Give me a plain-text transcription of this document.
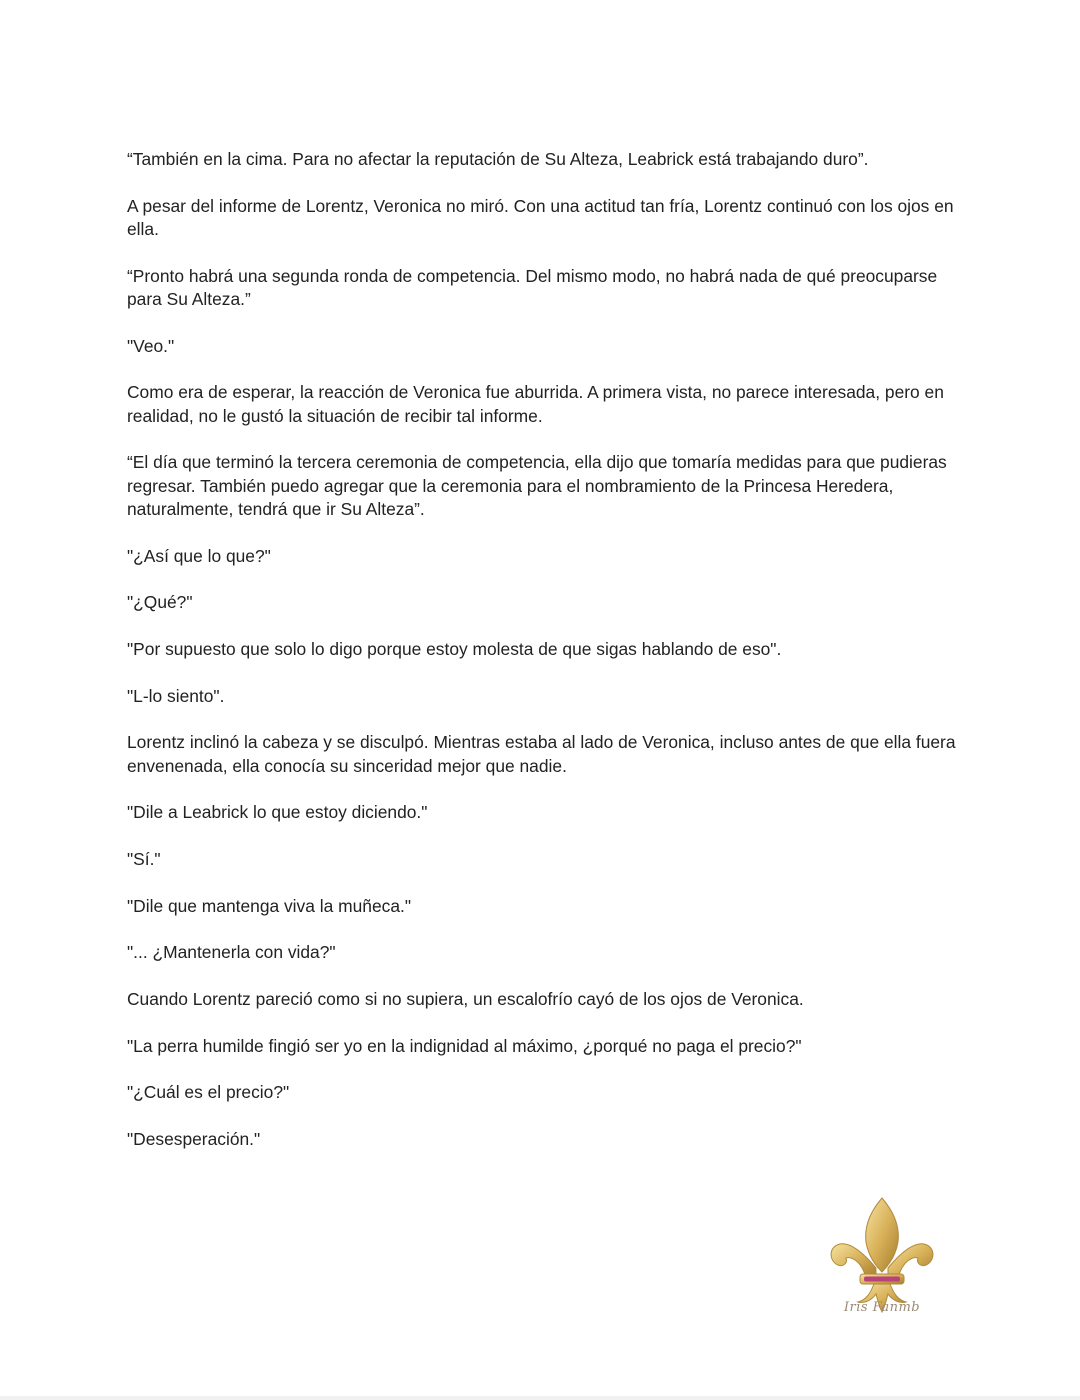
“También en la cima. Para no afectar la reputación de Su Alteza, Leabrick está trabajando duro”.

A pesar del informe de Lorentz, Veronica no miró. Con una actitud tan fría, Lorentz continuó con los ojos en ella.

“Pronto habrá una segunda ronda de competencia. Del mismo modo, no habrá nada de qué preocuparse para Su Alteza.”

"Veo."

Como era de esperar, la reacción de Veronica fue aburrida. A primera vista, no parece interesada, pero en realidad, no le gustó la situación de recibir tal informe.

“El día que terminó la tercera ceremonia de competencia, ella dijo que tomaría medidas para que pudieras regresar. También puedo agregar que la ceremonia para el nombramiento de la Princesa Heredera, naturalmente, tendrá que ir Su Alteza”.

"¿Así que lo que?"

"¿Qué?"

"Por supuesto que solo lo digo porque estoy molesta de que sigas hablando de eso".

"L-lo siento".

Lorentz inclinó la cabeza y se disculpó. Mientras estaba al lado de Veronica, incluso antes de que ella fuera envenenada, ella conocía su sinceridad mejor que nadie.

"Dile a Leabrick lo que estoy diciendo."

"Sí."

"Dile que mantenga viva la muñeca."

"... ¿Mantenerla con vida?"

Cuando Lorentz pareció como si no supiera, un escalofrío cayó de los ojos de Veronica.

"La perra humilde fingió ser yo en la indignidad al máximo, ¿porqué no paga el precio?"

"¿Cuál es el precio?"

"Desesperación."

Iris Fanmb
